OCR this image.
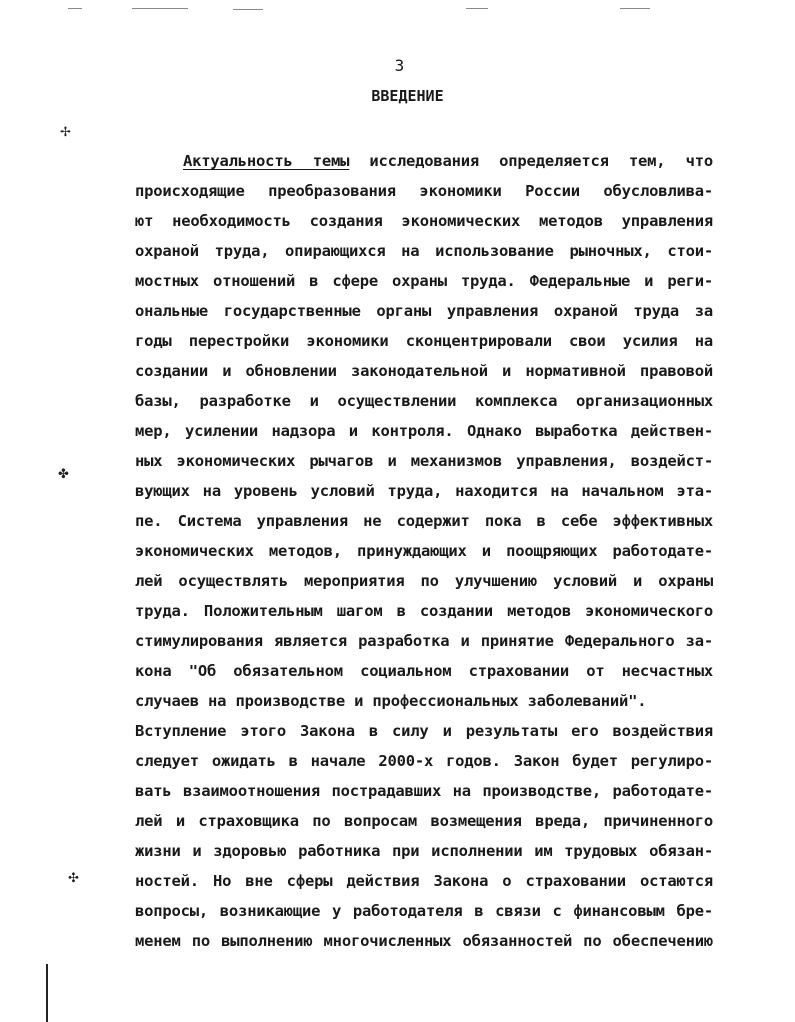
✢
✤
✣
3
ВВЕДЕНИЕ
Актуальность темы исследования определяется тем, что
происходящие преобразования экономики России обусловлива-
ют необходимость создания экономических методов управления
охраной труда, опирающихся на использование рыночных, стои-
мостных отношений в сфере охраны труда. Федеральные и реги-
ональные государственные органы управления охраной труда за
годы перестройки экономики сконцентрировали свои усилия на
создании и обновлении законодательной и нормативной правовой
базы, разработке и осуществлении комплекса организационных
мер, усилении надзора и контроля. Однако выработка действен-
ных экономических рычагов и механизмов управления, воздейст-
вующих на уровень условий труда, находится на начальном эта-
пе. Система управления не содержит пока в себе эффективных
экономических методов, принуждающих и поощряющих работодате-
лей осуществлять мероприятия по улучшению условий и охраны
труда. Положительным шагом в создании методов экономического
стимулирования является разработка и принятие Федерального за-
кона "Об обязательном социальном страховании от несчастных
случаев на производстве и профессиональных заболеваний".
Вступление этого Закона в силу и результаты его воздействия
следует ожидать в начале 2000-х годов. Закон будет регулиро-
вать взаимоотношения пострадавших на производстве, работодате-
лей и страховщика по вопросам возмещения вреда, причиненного
жизни и здоровью работника при исполнении им трудовых обязан-
ностей. Но вне сферы действия Закона о страховании остаются
вопросы, возникающие у работодателя в связи с финансовым бре-
менем по выполнению многочисленных обязанностей по обеспечению
